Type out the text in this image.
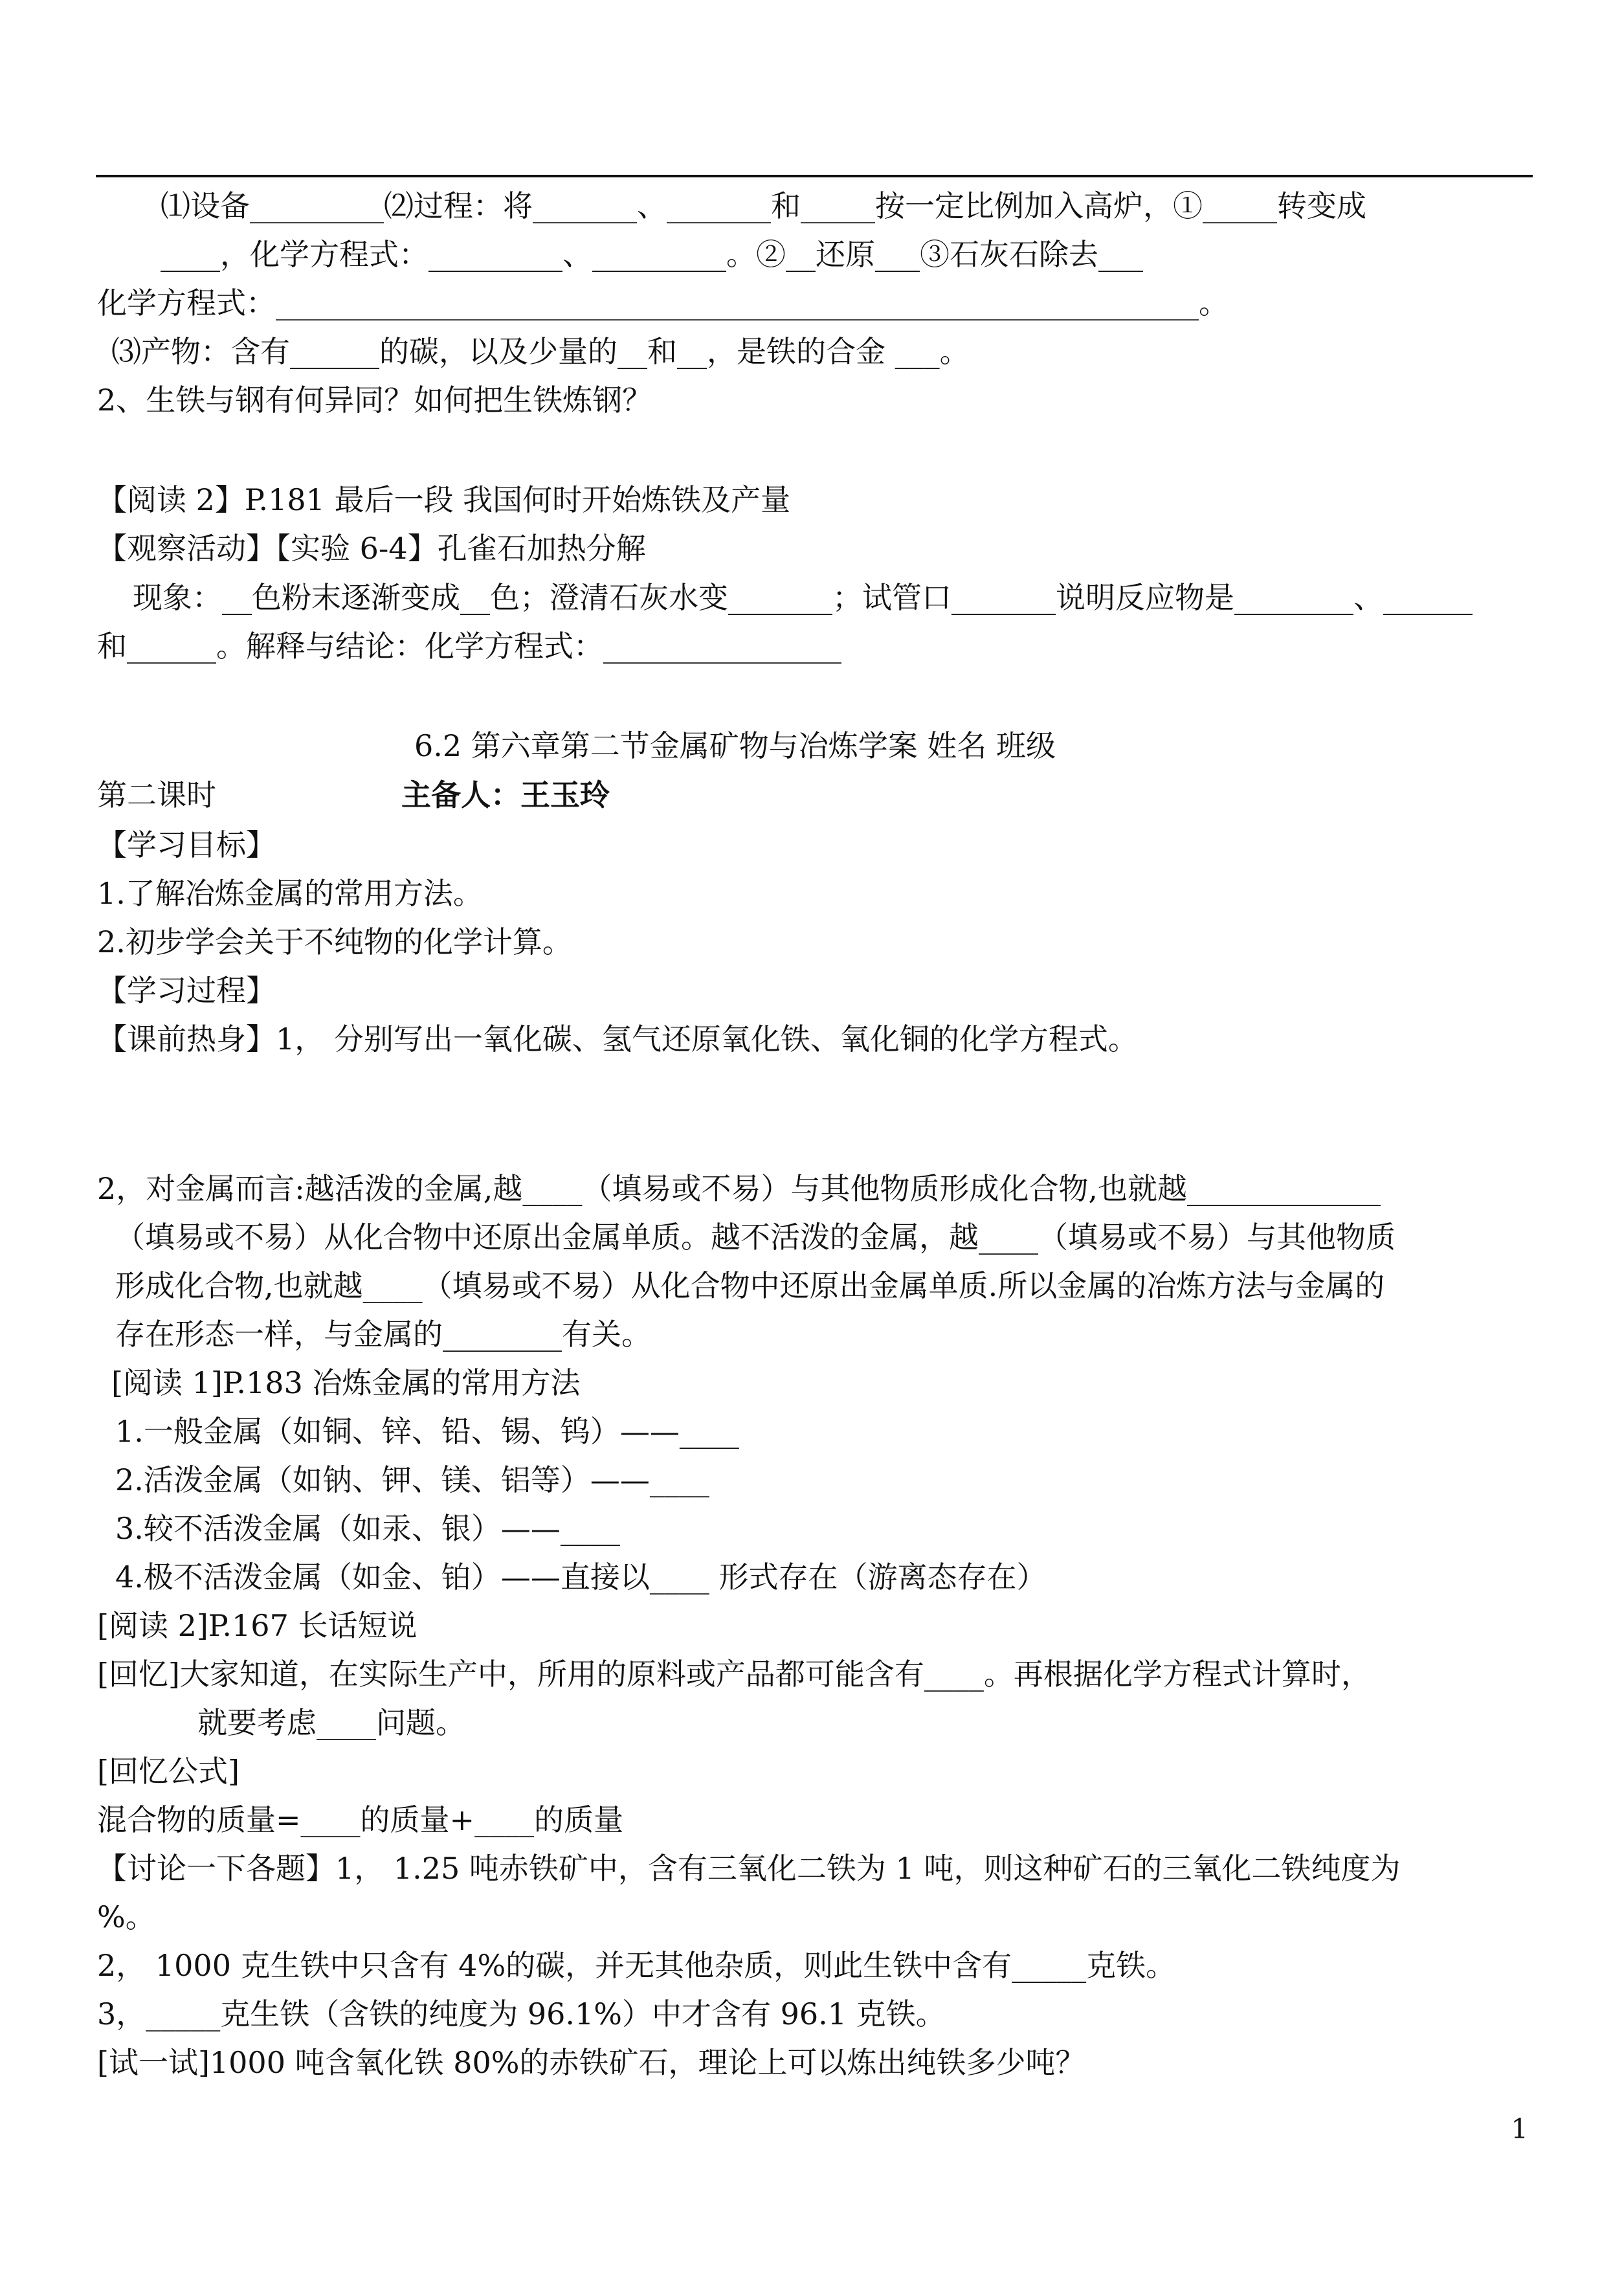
⑴设备_________⑵过程：将_______、_______和_____按一定比例加入高炉，①_____转变成
____，化学方程式：_________、_________。②__还原___③石灰石除去___
化学方程式：______________________________________________________________。
⑶产物：含有______的碳，以及少量的__和__，是铁的合金 ___。
2、生铁与钢有何异同？如何把生铁炼钢？
【阅读 2】P.181 最后一段 我国何时开始炼铁及产量
【观察活动】【实验 6-4】孔雀石加热分解
现象：__色粉末逐渐变成__色；澄清石灰水变_______；试管口_______说明反应物是________、______
和______。解释与结论：化学方程式：________________
6.2 第六章第二节金属矿物与冶炼学案 姓名 班级
第二课时	主备人：王玉玲
【学习目标】
1.了解冶炼金属的常用方法。
2.初步学会关于不纯物的化学计算。
【学习过程】
【课前热身】1， 分别写出一氧化碳、氢气还原氧化铁、氧化铜的化学方程式。
2，对金属而言:越活泼的金属,越____（填易或不易）与其他物质形成化合物,也就越_____________
（填易或不易）从化合物中还原出金属单质。越不活泼的金属，越____（填易或不易）与其他物质
形成化合物,也就越____（填易或不易）从化合物中还原出金属单质.所以金属的冶炼方法与金属的
存在形态一样，与金属的________有关。
[阅读 1]P.183 冶炼金属的常用方法
1.一般金属（如铜、锌、铅、锡、钨）——____
2.活泼金属（如钠、钾、镁、铝等）——____
3.较不活泼金属（如汞、银）——____
4.极不活泼金属（如金、铂）——直接以____ 形式存在（游离态存在）
[阅读 2]P.167 长话短说
[回忆]大家知道，在实际生产中，所用的原料或产品都可能含有____。再根据化学方程式计算时，
就要考虑____问题。
[回忆公式]
混合物的质量=____的质量+____的质量
【讨论一下各题】1， 1.25 吨赤铁矿中，含有三氧化二铁为 1 吨，则这种矿石的三氧化二铁纯度为
%。
2， 1000 克生铁中只含有 4%的碳，并无其他杂质，则此生铁中含有_____克铁。
3，_____克生铁（含铁的纯度为 96.1%）中才含有 96.1 克铁。
[试一试]1000 吨含氧化铁 80%的赤铁矿石，理论上可以炼出纯铁多少吨？
1
